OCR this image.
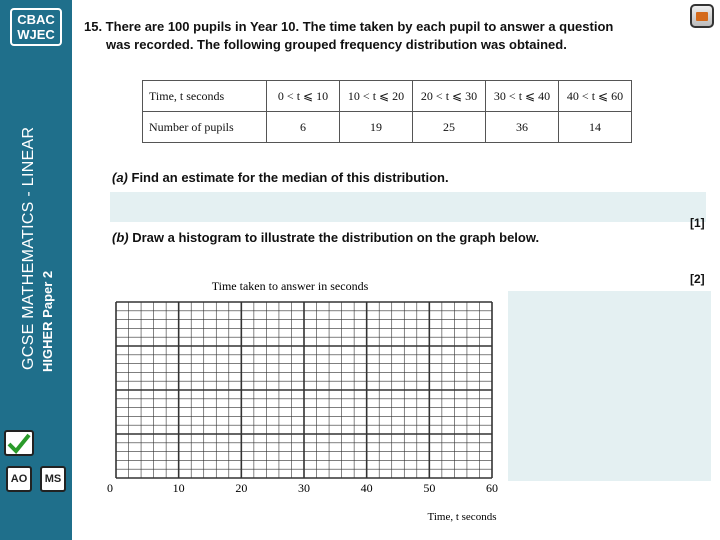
CBAC
WJEC
GCSE MATHEMATICS - LINEAR HIGHER Paper 2
AO MS
15. There are 100 pupils in Year 10. The time taken by each pupil to answer a question
was recorded. The following grouped frequency distribution was obtained.
Time, t seconds	0 < t ⩽ 10	10 < t ⩽ 20	20 < t ⩽ 30	30 < t ⩽ 40	40 < t ⩽ 60
Number of pupils	6	19	25	36	14
(a) Find an estimate for the median of this distribution.
[1]
(b) Draw a histogram to illustrate the distribution on the graph below.
[2]
Time taken to answer in seconds
0	10	20	30	40	50	60
Time, t seconds
